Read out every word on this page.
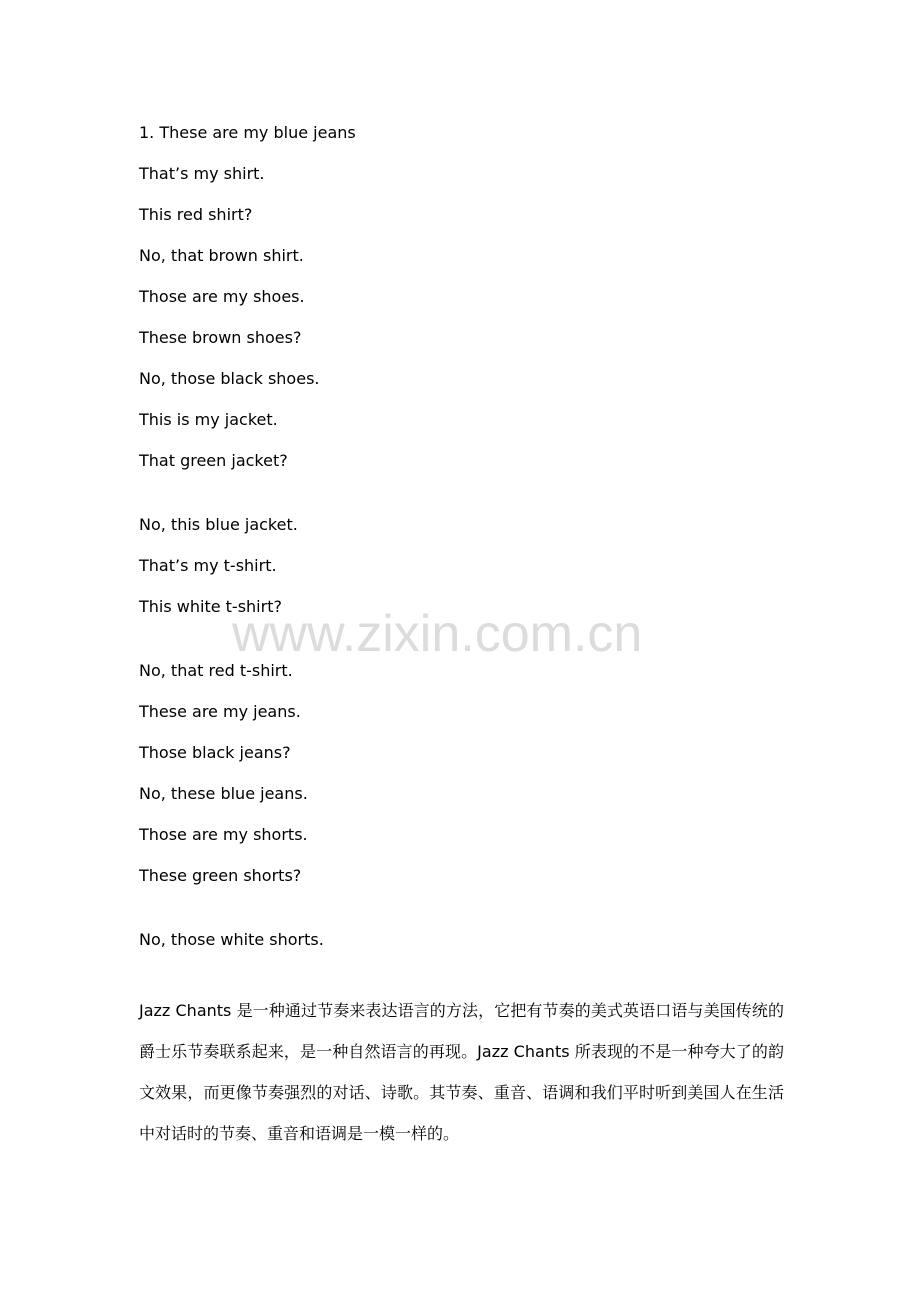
1. These are my blue jeans
That’s my shirt.
This red shirt?
No, that brown shirt.
Those are my shoes.
These brown shoes?
No, those black shoes.
This is my jacket.
That green jacket?
No, this blue jacket.
That’s my t-shirt.
This white t-shirt?
No, that red t-shirt.
These are my jeans.
Those black jeans?
No, these blue jeans.
Those are my shorts.
These green shorts?
No, those white shorts.
Jazz Chants 是一种通过节奏来表达语言的方法，它把有节奏的美式英语口语与美国传统的爵士乐节奏联系起来，是一种自然语言的再现。Jazz Chants 所表现的不是一种夸大了的韵文效果，而更像节奏强烈的对话、诗歌。其节奏、重音、语调和我们平时听到美国人在生活中对话时的节奏、重音和语调是一模一样的。
www.zixin.com.cn
